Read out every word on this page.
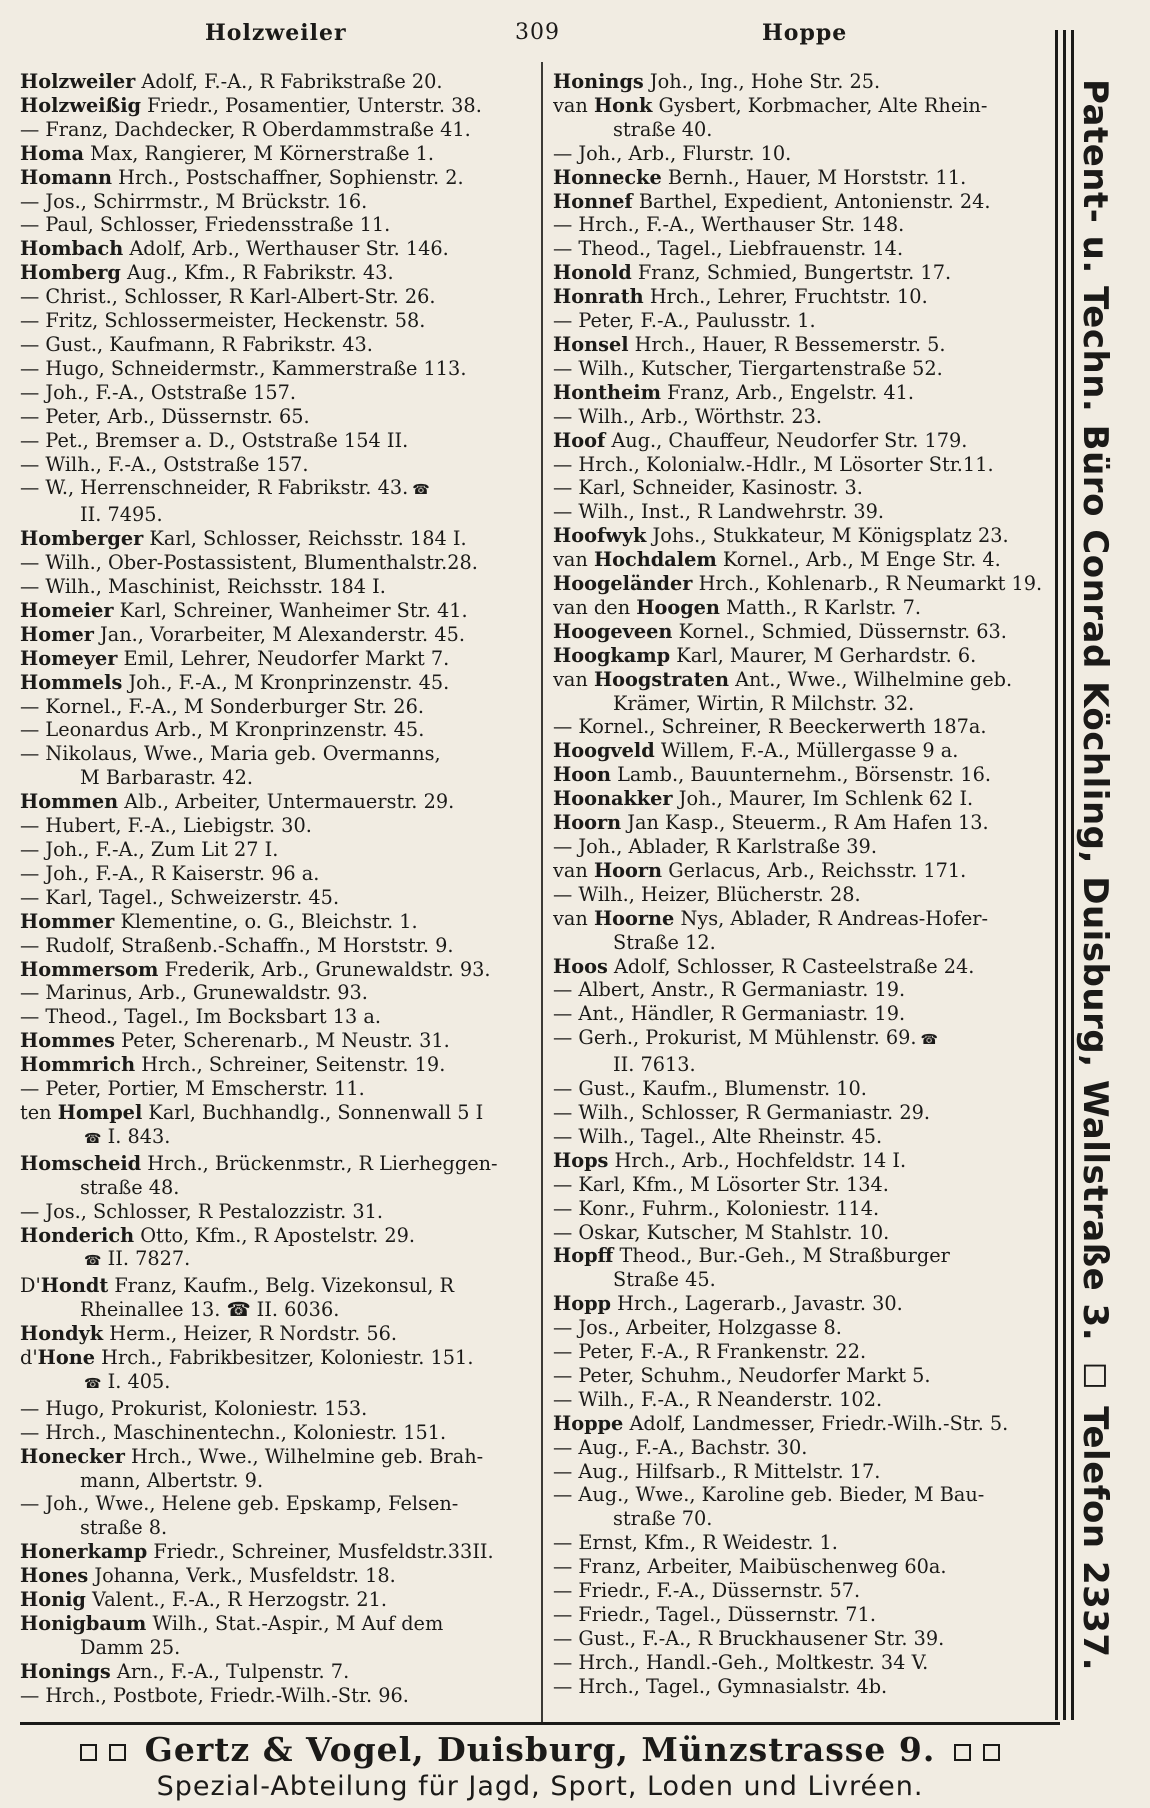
Holzweiler	309	Hoppe
Holzweiler Adolf, F.-A., R Fabrikstraße 20.
Holzweißig Friedr., Posamentier, Unterstr. 38.
— Franz, Dachdecker, R Oberdammstraße 41.
Homa Max, Rangierer, M Körnerstraße 1.
Homann Hrch., Postschaffner, Sophienstr. 2.
— Jos., Schirrmstr., M Brückstr. 16.
— Paul, Schlosser, Friedensstraße 11.
Hombach Adolf, Arb., Werthauser Str. 146.
Homberg Aug., Kfm., R Fabrikstr. 43.
— Christ., Schlosser, R Karl-Albert-Str. 26.
— Fritz, Schlossermeister, Heckenstr. 58.
— Gust., Kaufmann, R Fabrikstr. 43.
— Hugo, Schneidermstr., Kammerstraße 113.
— Joh., F.-A., Oststraße 157.
— Peter, Arb., Düssernstr. 65.
— Pet., Bremser a. D., Oststraße 154 II.
— Wilh., F.-A., Oststraße 157.
— W., Herrenschneider, R Fabrikstr. 43. ☎
II. 7495.
Homberger Karl, Schlosser, Reichsstr. 184 I.
— Wilh., Ober-Postassistent, Blumenthalstr.28.
— Wilh., Maschinist, Reichsstr. 184 I.
Homeier Karl, Schreiner, Wanheimer Str. 41.
Homer Jan., Vorarbeiter, M Alexanderstr. 45.
Homeyer Emil, Lehrer, Neudorfer Markt 7.
Hommels Joh., F.-A., M Kronprinzenstr. 45.
— Kornel., F.-A., M Sonderburger Str. 26.
— Leonardus Arb., M Kronprinzenstr. 45.
— Nikolaus, Wwe., Maria geb. Overmanns,
M Barbarastr. 42.
Hommen Alb., Arbeiter, Untermauerstr. 29.
— Hubert, F.-A., Liebigstr. 30.
— Joh., F.-A., Zum Lit 27 I.
— Joh., F.-A., R Kaiserstr. 96 a.
— Karl, Tagel., Schweizerstr. 45.
Hommer Klementine, o. G., Bleichstr. 1.
— Rudolf, Straßenb.-Schaffn., M Horststr. 9.
Hommersom Frederik, Arb., Grunewaldstr. 93.
— Marinus, Arb., Grunewaldstr. 93.
— Theod., Tagel., Im Bocksbart 13 a.
Hommes Peter, Scherenarb., M Neustr. 31.
Hommrich Hrch., Schreiner, Seitenstr. 19.
— Peter, Portier, M Emscherstr. 11.
ten Hompel Karl, Buchhandlg., Sonnenwall 5 I
☎ I. 843.
Homscheid Hrch., Brückenmstr., R Lierheggen-
straße 48.
— Jos., Schlosser, R Pestalozzistr. 31.
Honderich Otto, Kfm., R Apostelstr. 29.
☎ II. 7827.
D'Hondt Franz, Kaufm., Belg. Vizekonsul, R
Rheinallee 13. ☎ II. 6036.
Hondyk Herm., Heizer, R Nordstr. 56.
d'Hone Hrch., Fabrikbesitzer, Koloniestr. 151.
☎ I. 405.
— Hugo, Prokurist, Koloniestr. 153.
— Hrch., Maschinentechn., Koloniestr. 151.
Honecker Hrch., Wwe., Wilhelmine geb. Brah-
mann, Albertstr. 9.
— Joh., Wwe., Helene geb. Epskamp, Felsen-
straße 8.
Honerkamp Friedr., Schreiner, Musfeldstr.33II.
Hones Johanna, Verk., Musfeldstr. 18.
Honig Valent., F.-A., R Herzogstr. 21.
Honigbaum Wilh., Stat.-Aspir., M Auf dem
Damm 25.
Honings Arn., F.-A., Tulpenstr. 7.
— Hrch., Postbote, Friedr.-Wilh.-Str. 96.
Honings Joh., Ing., Hohe Str. 25.
van Honk Gysbert, Korbmacher, Alte Rhein-
straße 40.
— Joh., Arb., Flurstr. 10.
Honnecke Bernh., Hauer, M Horststr. 11.
Honnef Barthel, Expedient, Antonienstr. 24.
— Hrch., F.-A., Werthauser Str. 148.
— Theod., Tagel., Liebfrauenstr. 14.
Honold Franz, Schmied, Bungertstr. 17.
Honrath Hrch., Lehrer, Fruchtstr. 10.
— Peter, F.-A., Paulusstr. 1.
Honsel Hrch., Hauer, R Bessemerstr. 5.
— Wilh., Kutscher, Tiergartenstraße 52.
Hontheim Franz, Arb., Engelstr. 41.
— Wilh., Arb., Wörthstr. 23.
Hoof Aug., Chauffeur, Neudorfer Str. 179.
— Hrch., Kolonialw.-Hdlr., M Lösorter Str.11.
— Karl, Schneider, Kasinostr. 3.
— Wilh., Inst., R Landwehrstr. 39.
Hoofwyk Johs., Stukkateur, M Königsplatz 23.
van Hochdalem Kornel., Arb., M Enge Str. 4.
Hoogeländer Hrch., Kohlenarb., R Neumarkt 19.
van den Hoogen Matth., R Karlstr. 7.
Hoogeveen Kornel., Schmied, Düssernstr. 63.
Hoogkamp Karl, Maurer, M Gerhardstr. 6.
van Hoogstraten Ant., Wwe., Wilhelmine geb.
Krämer, Wirtin, R Milchstr. 32.
— Kornel., Schreiner, R Beeckerwerth 187a.
Hoogveld Willem, F.-A., Müllergasse 9 a.
Hoon Lamb., Bauunternehm., Börsenstr. 16.
Hoonakker Joh., Maurer, Im Schlenk 62 I.
Hoorn Jan Kasp., Steuerm., R Am Hafen 13.
— Joh., Ablader, R Karlstraße 39.
van Hoorn Gerlacus, Arb., Reichsstr. 171.
— Wilh., Heizer, Blücherstr. 28.
van Hoorne Nys, Ablader, R Andreas-Hofer-
Straße 12.
Hoos Adolf, Schlosser, R Casteelstraße 24.
— Albert, Anstr., R Germaniastr. 19.
— Ant., Händler, R Germaniastr. 19.
— Gerh., Prokurist, M Mühlenstr. 69. ☎
II. 7613.
— Gust., Kaufm., Blumenstr. 10.
— Wilh., Schlosser, R Germaniastr. 29.
— Wilh., Tagel., Alte Rheinstr. 45.
Hops Hrch., Arb., Hochfeldstr. 14 I.
— Karl, Kfm., M Lösorter Str. 134.
— Konr., Fuhrm., Koloniestr. 114.
— Oskar, Kutscher, M Stahlstr. 10.
Hopff Theod., Bur.-Geh., M Straßburger
Straße 45.
Hopp Hrch., Lagerarb., Javastr. 30.
— Jos., Arbeiter, Holzgasse 8.
— Peter, F.-A., R Frankenstr. 22.
— Peter, Schuhm., Neudorfer Markt 5.
— Wilh., F.-A., R Neanderstr. 102.
Hoppe Adolf, Landmesser, Friedr.-Wilh.-Str. 5.
— Aug., F.-A., Bachstr. 30.
— Aug., Hilfsarb., R Mittelstr. 17.
— Aug., Wwe., Karoline geb. Bieder, M Bau-
straße 70.
— Ernst, Kfm., R Weidestr. 1.
— Franz, Arbeiter, Maibüschenweg 60a.
— Friedr., F.-A., Düssernstr. 57.
— Friedr., Tagel., Düssernstr. 71.
— Gust., F.-A., R Bruckhausener Str. 39.
— Hrch., Handl.-Geh., Moltkestr. 34 V.
— Hrch., Tagel., Gymnasialstr. 4b.
Patent- u. Techn. Büro Conrad Köchling, Duisburg, Wallstraße 3. ◻ Telefon 2337.
Gertz & Vogel, Duisburg, Münzstrasse 9.
Spezial-Abteilung für Jagd, Sport, Loden und Livréen.
